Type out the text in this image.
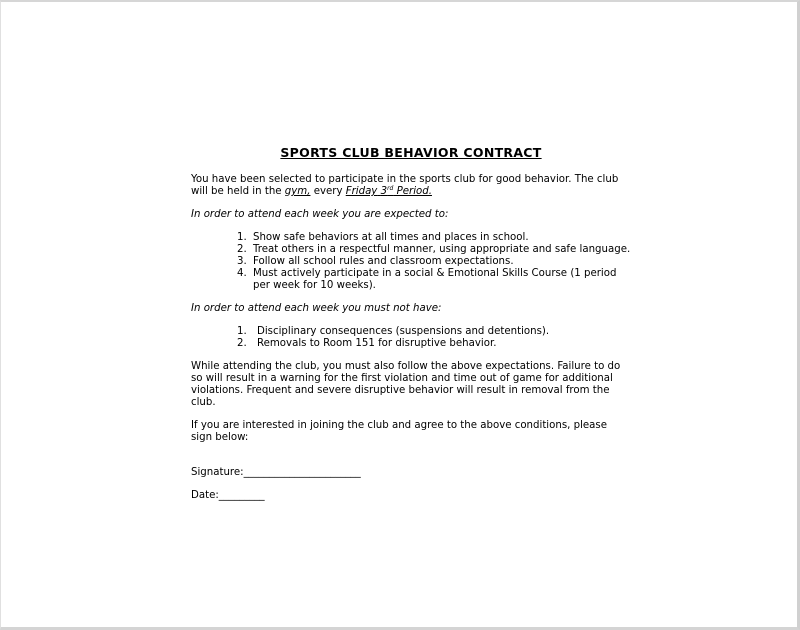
SPORTS CLUB BEHAVIOR CONTRACT

You have been selected to participate in the sports club for good behavior. The club will be held in the gym, every Friday 3rd Period.

In order to attend each week you are expected to:

1. Show safe behaviors at all times and places in school.
2. Treat others in a respectful manner, using appropriate and safe language.
3. Follow all school rules and classroom expectations.
4. Must actively participate in a social & Emotional Skills Course (1 period per week for 10 weeks).

In order to attend each week you must not have:

1. Disciplinary consequences (suspensions and detentions).
2. Removals to Room 151 for disruptive behavior.

While attending the club, you must also follow the above expectations. Failure to do so will result in a warning for the first violation and time out of game for additional violations. Frequent and severe disruptive behavior will result in removal from the club.

If you are interested in joining the club and agree to the above conditions, please sign below:

Signature:_______________________

Date:_________
